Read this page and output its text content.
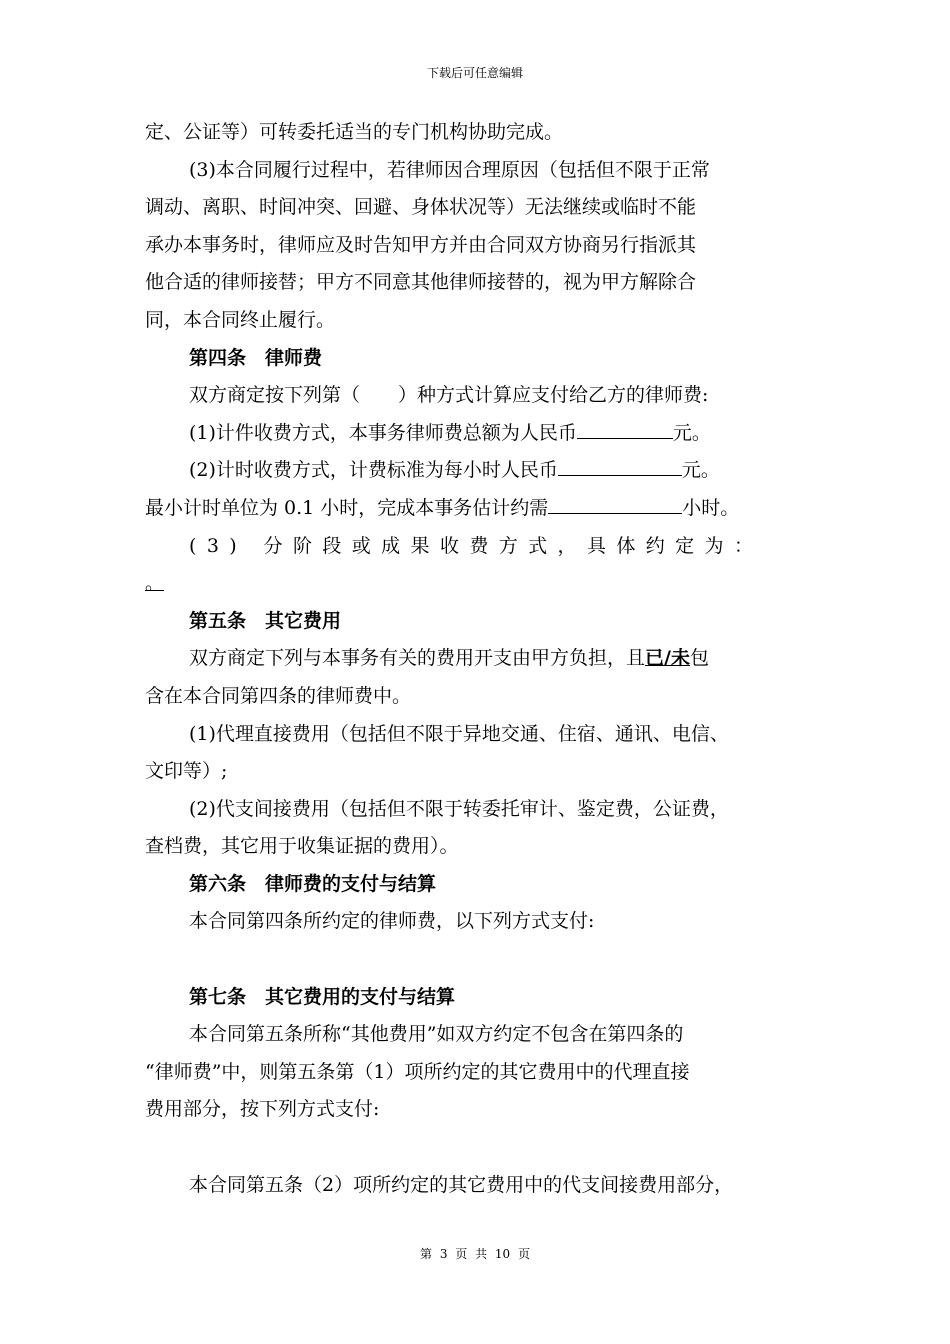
下载后可任意编辑
定、公证等）可转委托适当的专门机构协助完成。
(3)本合同履行过程中，若律师因合理原因（包括但不限于正常
调动、离职、时间冲突、回避、身体状况等）无法继续或临时不能
承办本事务时，律师应及时告知甲方并由合同双方协商另行指派其
他合适的律师接替；甲方不同意其他律师接替的，视为甲方解除合
同，本合同终止履行。
第四条　律师费
双方商定按下列第（　　）种方式计算应支付给乙方的律师费:
(1)计件收费方式，本事务律师费总额为人民币	元。
(2)计时收费方式，计费标准为每小时人民币	元。
最小计时单位为 0.1 小时，完成本事务估计约需	小时。
(3) 分阶段或成果收费方式，具体约定为：
。
第五条　其它费用
双方商定下列与本事务有关的费用开支由甲方负担，且已/未包
含在本合同第四条的律师费中。
(1)代理直接费用（包括但不限于异地交通、住宿、通讯、电信、
文印等）;
(2)代支间接费用（包括但不限于转委托审计、鉴定费，公证费，
查档费，其它用于收集证据的费用）。
第六条　律师费的支付与结算
本合同第四条所约定的律师费，以下列方式支付:
第七条　其它费用的支付与结算
本合同第五条所称“其他费用”如双方约定不包含在第四条的
“律师费”中，则第五条第（1）项所约定的其它费用中的代理直接
费用部分，按下列方式支付:
本合同第五条（2）项所约定的其它费用中的代支间接费用部分，
第 3 页 共 10 页
